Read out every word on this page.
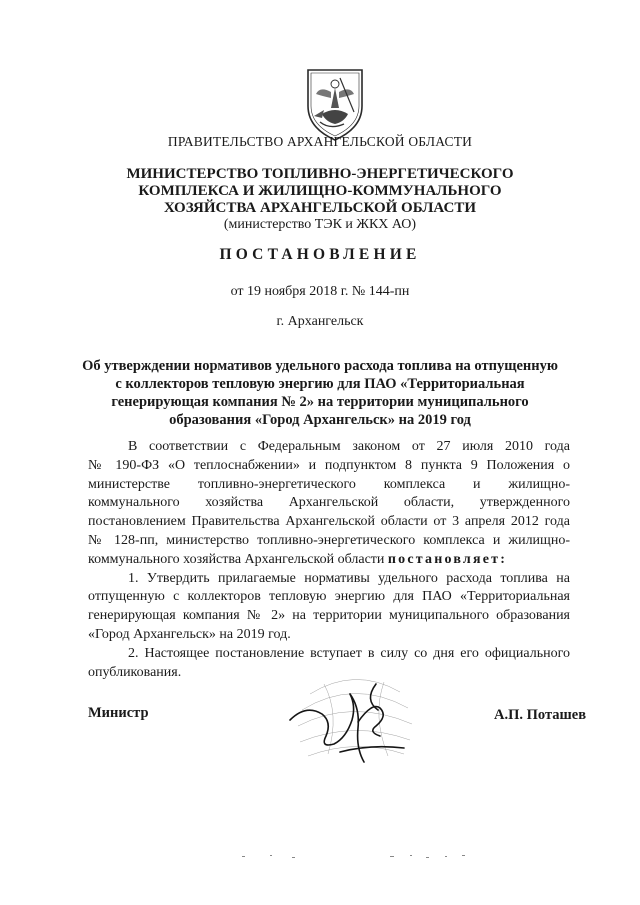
ПРАВИТЕЛЬСТВО АРХАНГЕЛЬСКОЙ ОБЛАСТИ
МИНИСТЕРСТВО ТОПЛИВНО-ЭНЕРГЕТИЧЕСКОГО
КОМПЛЕКСА И ЖИЛИЩНО-КОММУНАЛЬНОГО
ХОЗЯЙСТВА АРХАНГЕЛЬСКОЙ ОБЛАСТИ
(министерство ТЭК и ЖКХ АО)
ПОСТАНОВЛЕНИЕ
от 19 ноября 2018 г. № 144-пн
г. Архангельск
Об утверждении нормативов удельного расхода топлива на отпущенную
с коллекторов тепловую энергию для ПАО «Территориальная
генерирующая компания № 2» на территории муниципального
образования «Город Архангельск» на 2019 год

В соответствии с Федеральным законом от 27 июля 2010 года

№ 190-ФЗ «О теплоснабжении» и подпунктом 8 пункта 9 Положения о

министерстве топливно-энергетического комплекса и жилищно-

коммунального хозяйства Архангельской области, утвержденного

постановлением Правительства Архангельской области от 3 апреля 2012 года

№ 128-пп, министерство топливно-энергетического комплекса и жилищно-

коммунального хозяйства Архангельской области постановляет:

1. Утвердить прилагаемые нормативы удельного расхода топлива на

отпущенную с коллекторов тепловую энергию для ПАО «Территориальная

генерирующая компания № 2» на территории муниципального образования

«Город Архангельск» на 2019 год.

2. Настоящее постановление вступает в силу со дня его официального

опубликования.

Министр	А.П. Поташев
